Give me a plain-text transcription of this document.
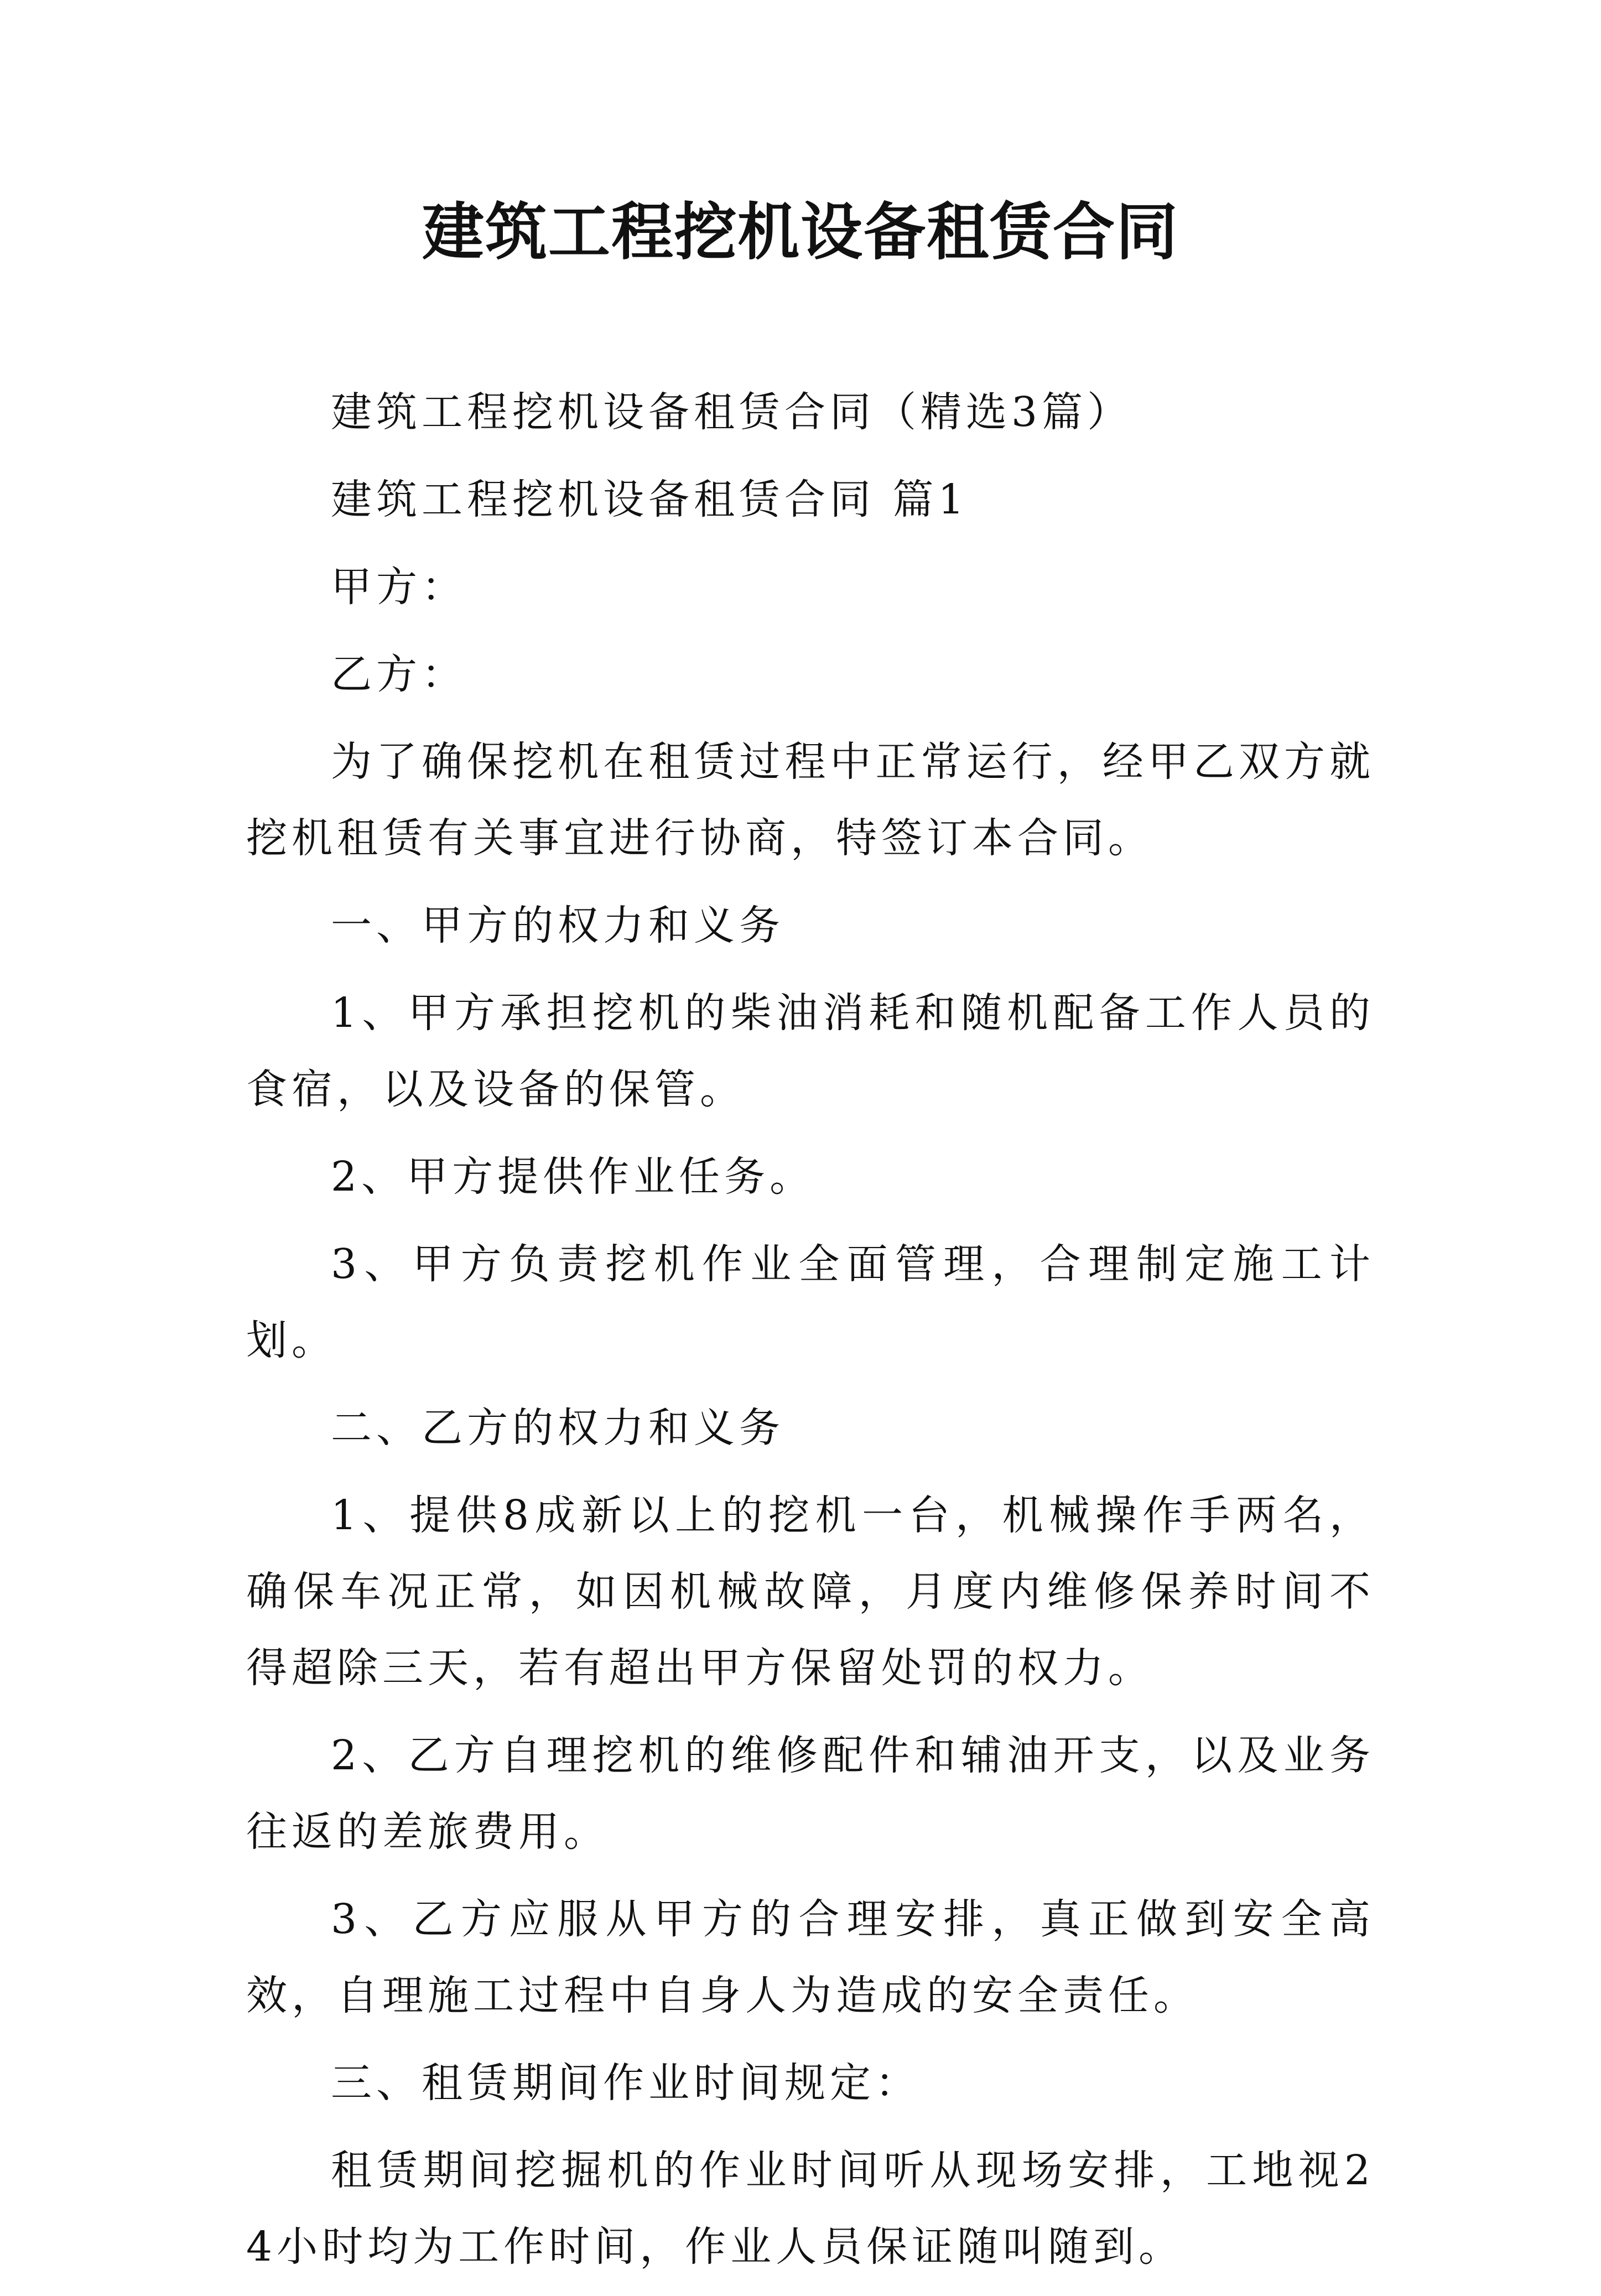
建筑工程挖机设备租赁合同

建筑工程挖机设备租赁合同（精选3篇）

建筑工程挖机设备租赁合同 篇1

甲方：

乙方：

为了确保挖机在租赁过程中正常运行，经甲乙双方就挖机租赁有关事宜进行协商，特签订本合同。

一、甲方的权力和义务

1、甲方承担挖机的柴油消耗和随机配备工作人员的食宿，以及设备的保管。

2、甲方提供作业任务。

3、甲方负责挖机作业全面管理，合理制定施工计划。

二、乙方的权力和义务

1、提供8成新以上的挖机一台，机械操作手两名，确保车况正常，如因机械故障，月度内维修保养时间不得超除三天，若有超出甲方保留处罚的权力。

2、乙方自理挖机的维修配件和辅油开支，以及业务往返的差旅费用。

3、乙方应服从甲方的合理安排，真正做到安全高效，自理施工过程中自身人为造成的安全责任。

三、租赁期间作业时间规定：

租赁期间挖掘机的作业时间听从现场安排，工地视24小时均为工作时间，作业人员保证随叫随到。
